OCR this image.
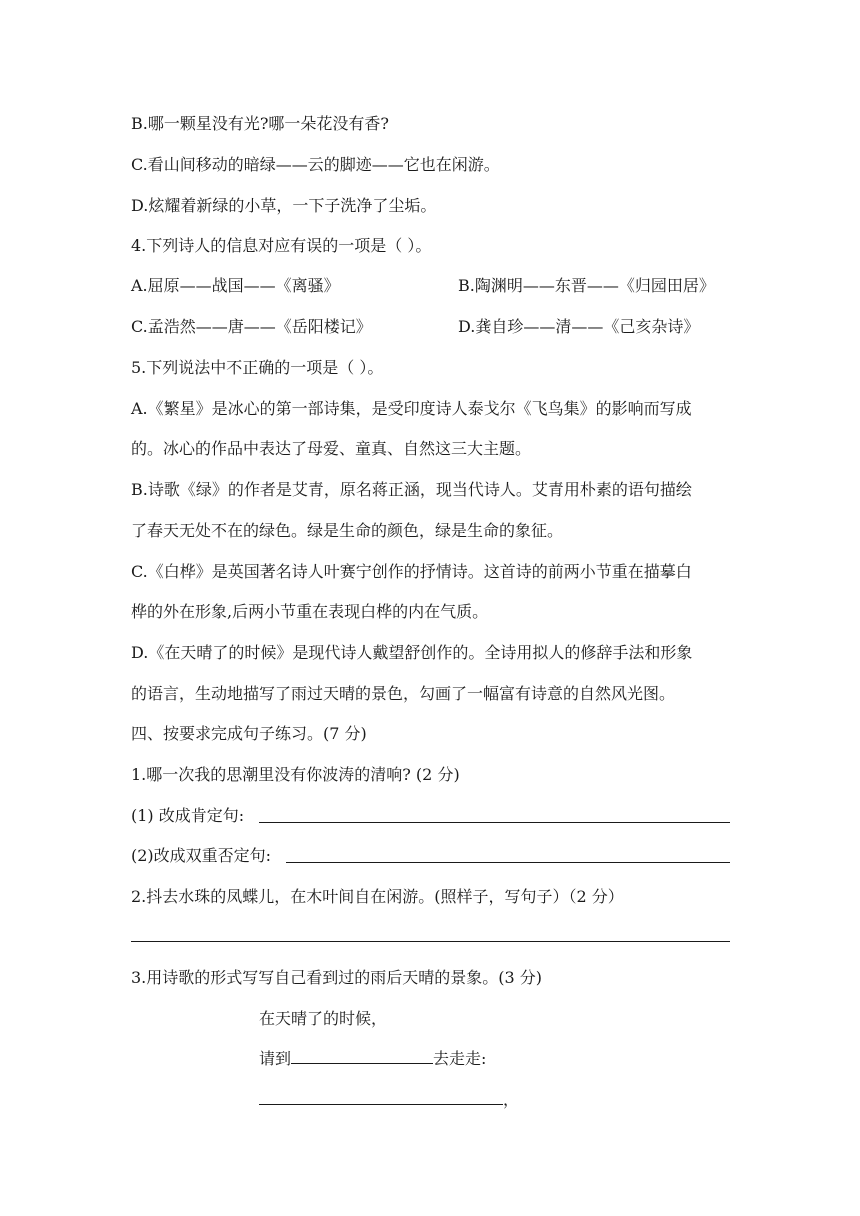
B.哪一颗星没有光?哪一朵花没有香?
C.看山间移动的暗绿——云的脚迹——它也在闲游。
D.炫耀着新绿的小草，一下子洗净了尘垢。
4.下列诗人的信息对应有误的一项是（ ）。
A.屈原——战国——《离骚》	B.陶渊明——东晋——《归园田居》
C.孟浩然——唐——《岳阳楼记》	D.龚自珍——清——《己亥杂诗》
5.下列说法中不正确的一项是（ ）。
A.《繁星》是冰心的第一部诗集，是受印度诗人泰戈尔《飞鸟集》的影响而写成
的。冰心的作品中表达了母爱、童真、自然这三大主题。
B.诗歌《绿》的作者是艾青，原名蒋正涵，现当代诗人。艾青用朴素的语句描绘
了春天无处不在的绿色。绿是生命的颜色，绿是生命的象征。
C.《白桦》是英国著名诗人叶赛宁创作的抒情诗。这首诗的前两小节重在描摹白
桦的外在形象,后两小节重在表现白桦的内在气质。
D.《在天晴了的时候》是现代诗人戴望舒创作的。全诗用拟人的修辞手法和形象
的语言，生动地描写了雨过天晴的景色，勾画了一幅富有诗意的自然风光图。
四、按要求完成句子练习。(7 分)
1.哪一次我的思潮里没有你波涛的清响? (2 分)
(1) 改成肯定句:
(2)改成双重否定句:
2.抖去水珠的凤蝶儿，在木叶间自在闲游。(照样子，写句子）（2 分）
3.用诗歌的形式写写自己看到过的雨后天晴的景象。(3 分)
在天晴了的时候，
请到	去走走:
，
